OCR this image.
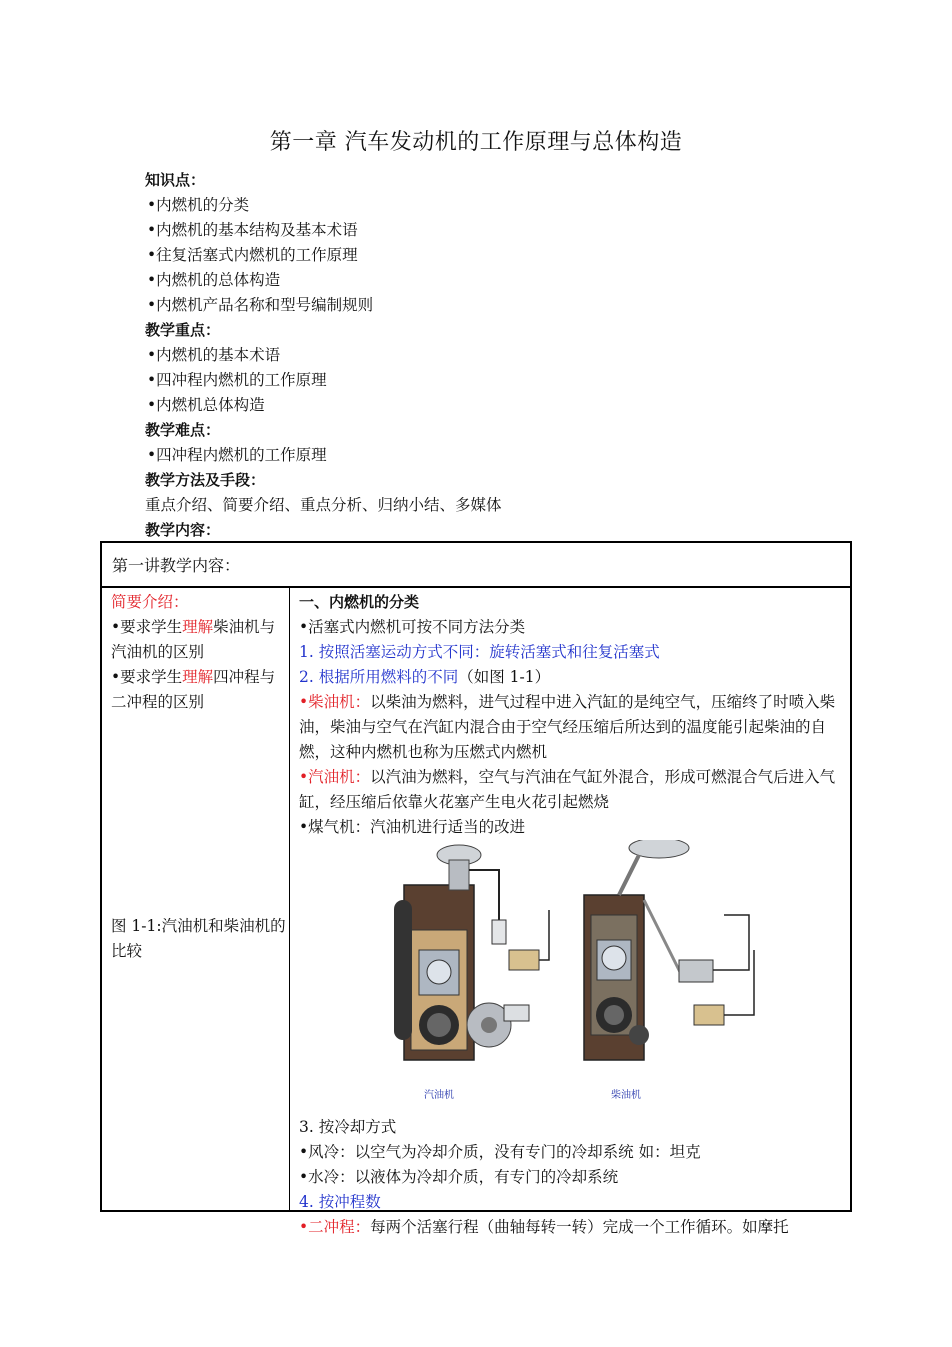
第一章 汽车发动机的工作原理与总体构造
知识点：
•内燃机的分类
•内燃机的基本结构及基本术语
•往复活塞式内燃机的工作原理
•内燃机的总体构造
•内燃机产品名称和型号编制规则
教学重点：
•内燃机的基本术语
•四冲程内燃机的工作原理
•内燃机总体构造
教学难点：
•四冲程内燃机的工作原理
教学方法及手段：
重点介绍、简要介绍、重点分析、归纳小结、多媒体
教学内容：
第一讲教学内容：
简要介绍：
•要求学生理解柴油机与汽油机的区别
•要求学生理解四冲程与二冲程的区别
图 1-1:汽油机和柴油机的比较

一、内燃机的分类

•活塞式内燃机可按不同方法分类

1. 按照活塞运动方式不同：旋转活塞式和往复活塞式

2. 根据所用燃料的不同（如图 1-1）

•柴油机：以柴油为燃料，进气过程中进入汽缸的是纯空气，压缩终了时喷入柴油，柴油与空气在汽缸内混合由于空气经压缩后所达到的温度能引起柴油的自燃，这种内燃机也称为压燃式内燃机

•汽油机：以汽油为燃料，空气与汽油在气缸外混合，形成可燃混合气后进入气缸，经压缩后依靠火花塞产生电火花引起燃烧

•煤气机：汽油机进行适当的改进

汽油机	柴油机

3. 按冷却方式

•风冷：以空气为冷却介质，没有专门的冷却系统 如：坦克

•水冷：以液体为冷却介质，有专门的冷却系统

4. 按冲程数

•二冲程：每两个活塞行程（曲轴每转一转）完成一个工作循环。如摩托
